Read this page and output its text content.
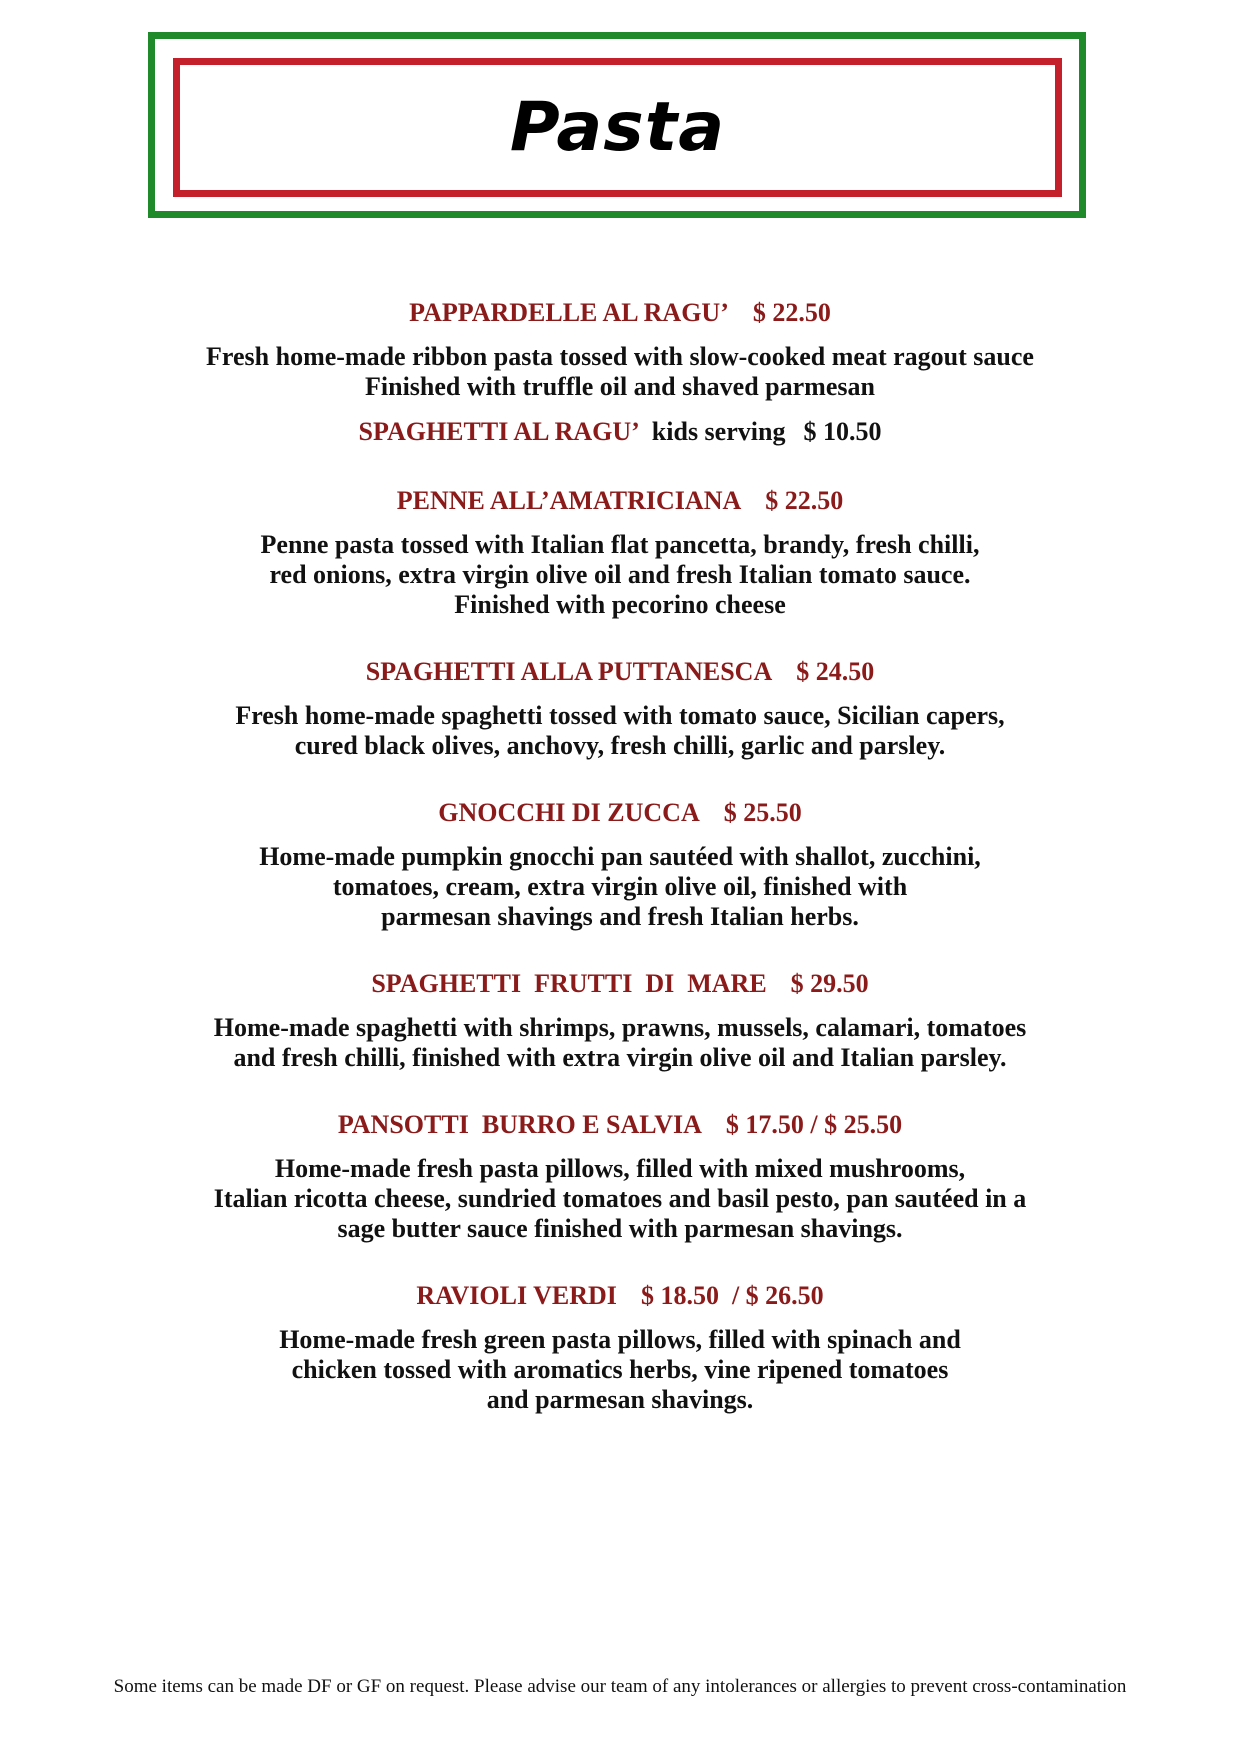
Pasta
PAPPARDELLE AL RAGU’ $ 22.50
Fresh home-made ribbon pasta tossed with slow-cooked meat ragout sauce
Finished with truffle oil and shaved parmesan
SPAGHETTI AL RAGU’ kids serving $ 10.50
PENNE ALL’AMATRICIANA $ 22.50
Penne pasta tossed with Italian flat pancetta, brandy, fresh chilli,
red onions, extra virgin olive oil and fresh Italian tomato sauce.
Finished with pecorino cheese
SPAGHETTI ALLA PUTTANESCA $ 24.50
Fresh home-made spaghetti tossed with tomato sauce, Sicilian capers,
cured black olives, anchovy, fresh chilli, garlic and parsley.
GNOCCHI DI ZUCCA $ 25.50
Home-made pumpkin gnocchi pan sautéed with shallot, zucchini,
tomatoes, cream, extra virgin olive oil, finished with
parmesan shavings and fresh Italian herbs.
SPAGHETTI  FRUTTI  DI  MARE $ 29.50
Home-made spaghetti with shrimps, prawns, mussels, calamari, tomatoes
and fresh chilli, finished with extra virgin olive oil and Italian parsley.
PANSOTTI  BURRO E SALVIA $ 17.50 / $ 25.50
Home-made fresh pasta pillows, filled with mixed mushrooms,
Italian ricotta cheese, sundried tomatoes and basil pesto, pan sautéed in a
sage butter sauce finished with parmesan shavings.
RAVIOLI VERDI $ 18.50  / $ 26.50
Home-made fresh green pasta pillows, filled with spinach and
chicken tossed with aromatics herbs, vine ripened tomatoes
and parmesan shavings.
Some items can be made DF or GF on request. Please advise our team of any intolerances or allergies to prevent cross-contamination
